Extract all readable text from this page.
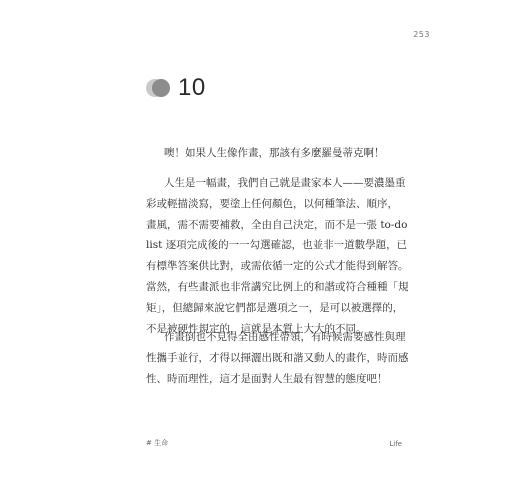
253
10
噢！如果人生像作畫，那該有多麼羅曼蒂克啊！
人生是一幅畫，我們自己就是畫家本人——要濃墨重
彩或輕描淡寫，要塗上任何顏色，以何種筆法、順序，
畫風，需不需要補救，全由自己決定，而不是一張 to-do
list 逐項完成後的一一勾選確認，也並非一道數學題，已
有標準答案供比對，或需依循一定的公式才能得到解答。
當然，有些畫派也非常講究比例上的和諧或符合種種「規
矩」，但總歸來說它們都是選項之一，是可以被選擇的，
不是被硬性規定的，這就是本質上大大的不同。
作畫倒也不見得全由感性帶領，有時候需要感性與理
性攜手並行，才得以揮灑出既和諧又動人的畫作，時而感
性、時而理性，這才是面對人生最有智慧的態度吧！
# 生命	Life
